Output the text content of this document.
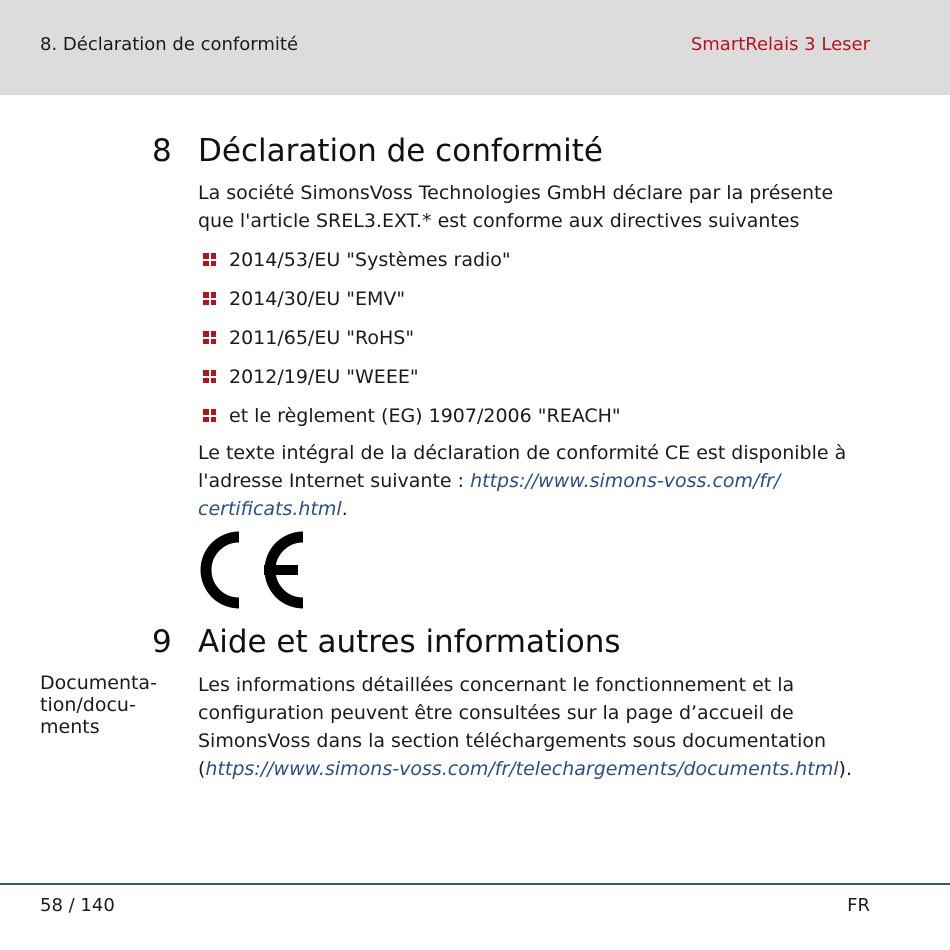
8. Déclaration de conformité	SmartRelais 3 Leser
8 Déclaration de conformité
La société SimonsVoss Technologies GmbH déclare par la présente
que l'article SREL3.EXT.* est conforme aux directives suivantes
2014/53/EU "Systèmes radio"
2014/30/EU "EMV"
2011/65/EU "RoHS"
2012/19/EU "WEEE"
et le règlement (EG) 1907/2006 "REACH"
Le texte intégral de la déclaration de conformité CE est disponible à
l'adresse Internet suivante : https://www.simons-voss.com/fr/
certificats.html.
9 Aide et autres informations
Documenta-
tion/docu-
ments
Les informations détaillées concernant le fonctionnement et la
configuration peuvent être consultées sur la page d’accueil de
SimonsVoss dans la section téléchargements sous documentation
(https://www.simons-voss.com/fr/telechargements/documents.html).
58 / 140	FR
